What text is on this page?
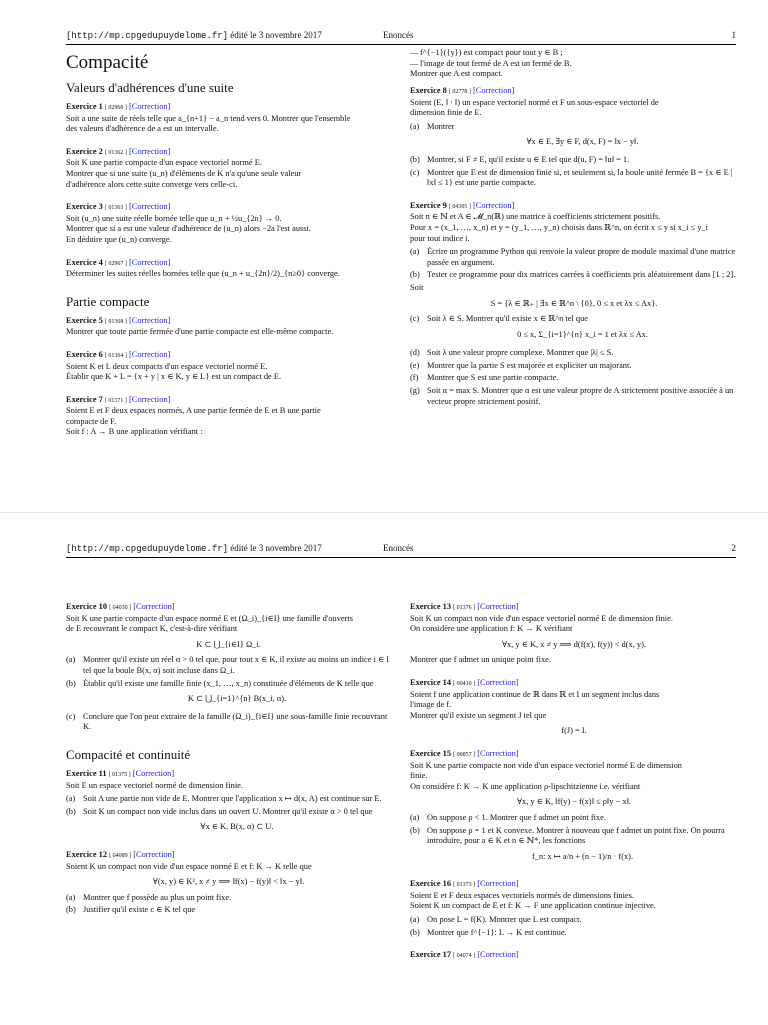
[http://mp.cpgedupuydelome.fr] édité le 3 novembre 2017	Enoncés	1
Compacité
Valeurs d'adhérences d'une suite
Exercice 1 [ 02968 ] [Correction]
Soit a une suite de réels telle que a_{n+1} − a_n tend vers 0. Montrer que l'ensemble
des valeurs d'adhérence de a est un intervalle.
Exercice 2 [ 01362 ] [Correction]
Soit K une partie compacte d'un espace vectoriel normé E.
Montrer que si une suite (u_n) d'éléments de K n'a qu'une seule valeur
d'adhérence alors cette suite converge vers celle-ci.
Exercice 3 [ 01363 ] [Correction]
Soit (u_n) une suite réelle bornée telle que u_n + ½u_{2n} → 0.
Montrer que si a est une valeur d'adhérence de (u_n) alors −2a l'est aussi.
En déduire que (u_n) converge.
Exercice 4 [ 02967 ] [Correction]
Déterminer les suites réelles bornées telle que (u_n + u_{2n}/2)_{n≥0} converge.
Partie compacte
Exercice 5 [ 01368 ] [Correction]
Montrer que toute partie fermée d'une partie compacte est elle-même compacte.
Exercice 6 [ 01364 ] [Correction]
Soient K et L deux compacts d'un espace vectoriel normé E.
Établir que K + L = {x + y | x ∈ K, y ∈ L} est un compact de E.
Exercice 7 [ 01371 ] [Correction]
Soient E et F deux espaces normés, A une partie fermée de E et B une partie
compacte de F.
Soit f : A → B une application vérifiant :
— f^{−1}({y}) est compact pour tout y ∈ B ;
— l'image de tout fermé de A est un fermé de B.
Montrer que A est compact.
Exercice 8 [ 02778 ] [Correction]
Soient (E, ‖ · ‖) un espace vectoriel normé et F un sous-espace vectoriel de
dimension finie de E.
(a) Montrer
∀x ∈ E, ∃y ∈ F, d(x, F) = ‖x − y‖.
(b) Montrer, si F ≠ E, qu'il existe u ∈ E tel que d(u, F) = ‖u‖ = 1.
(c) Montrer que E est de dimension finie si, et seulement si, la boule unité fermée B = {x ∈ E | ‖x‖ ≤ 1} est une partie compacte.
Exercice 9 [ 04305 ] [Correction]
Soit n ∈ ℕ et A ∈ 𝓜_n(ℝ) une matrice à coefficients strictement positifs.
Pour x = (x_1, …, x_n) et y = (y_1, …, y_n) choisis dans ℝ^n, on écrit x ≤ y si x_i ≤ y_i
pour tout indice i.
(a) Écrire un programme Python qui renvoie la valeur propre de module maximal d'une matrice passée en argument.
(b) Tester ce programme pour dix matrices carrées à coefficients pris aléatoirement dans [1 ; 2].
Soit
S = {λ ∈ ℝ₊ | ∃x ∈ ℝ^n \ {0}, 0 ≤ x et λx ≤ Ax}.
(c) Soit λ ∈ S. Montrer qu'il existe x ∈ ℝ^n tel que
0 ≤ x, Σ_{i=1}^{n} x_i = 1 et λx ≤ Ax.
(d) Soit λ une valeur propre complexe. Montrer que |λ| ≤ S.
(e) Montrer que la partie S est majorée et expliciter un majorant.
(f)	Montrer que S est une partie compacte.
(g) Soit α = max S. Montrer que α est une valeur propre de A strictement positive associée à un vecteur propre strictement positif.
[http://mp.cpgedupuydelome.fr] édité le 3 novembre 2017	Enoncés	2
Exercice 10 [ 04030 ] [Correction]
Soit K une partie compacte d'un espace normé E et (Ω_i)_{i∈I} une famille d'ouverts
de E recouvrant le compact K, c'est-à-dire vérifiant
K ⊂ ⋃_{i∈I} Ω_i.
(a) Montrer qu'il existe un réel α > 0 tel que, pour tout x ∈ K, il existe au moins un indice i ∈ I tel que la boule B(x, α) soit incluse dans Ω_i.
(b) Établir qu'il existe une famille finie (x_1, …, x_n) constituée d'éléments de K telle que
K ⊂ ⋃_{i=1}^{n} B(x_i, α).
(c) Conclure que l'on peut extraire de la famille (Ω_i)_{i∈I} une sous-famille finie recouvrant K.
Compacité et continuité
Exercice 11 [ 01375 ] [Correction]
Soit E un espace vectoriel normé de dimension finie.
(a) Soit A une partie non vide de E. Montrer que l'application x ↦ d(x, A) est continue sur E.
(b) Soit K un compact non vide inclus dans un ouvert U. Montrer qu'il existe α > 0 tel que
∀x ∈ K, B(x, α) ⊂ U.
Exercice 12 [ 04089 ] [Correction]
Soient K un compact non vide d'un espace normé E et f: K → K telle que
∀(x, y) ∈ K², x ≠ y ⟹ ‖f(x) − f(y)‖ < ‖x − y‖.
(a) Montrer que f possède au plus un point fixe.
(b) Justifier qu'il existe c ∈ K tel que
Exercice 13 [ 01376 ] [Correction]
Soit K un compact non vide d'un espace vectoriel normé E de dimension finie.
On considère une application f: K → K vérifiant
∀x, y ∈ K, x ≠ y ⟹ d(f(x), f(y)) < d(x, y).
Montrer que f admet un unique point fixe.
Exercice 14 [ 00410 ] [Correction]
Soient f une application continue de ℝ dans ℝ et I un segment inclus dans
l'image de f.
Montrer qu'il existe un segment J tel que
f(J) = I.
Exercice 15 [ 00857 ] [Correction]
Soit K une partie compacte non vide d'un espace vectoriel normé E de dimension
finie.
On considère f: K → K une application ρ-lipschitzienne i.e. vérifiant
∀x, y ∈ K, ‖f(y) − f(x)‖ ≤ ρ‖y − x‖.
(a) On suppose ρ < 1. Montrer que f admet un point fixe.
(b) On suppose ρ = 1 et K convexe. Montrer à nouveau que f admet un point fixe. On pourra introduire, pour a ∈ K et n ∈ ℕ*, les fonctions
f_n: x ↦ a/n + (n − 1)/n · f(x).
Exercice 16 [ 01373 ] [Correction]
Soient E et F deux espaces vectoriels normés de dimensions finies.
Soient K un compact de E et f: K → F une application continue injective.
(a) On pose L = f(K). Montrer que L est compact.
(b) Montrer que f^{−1}: L → K est continue.
Exercice 17 [ 04074 ] [Correction]
